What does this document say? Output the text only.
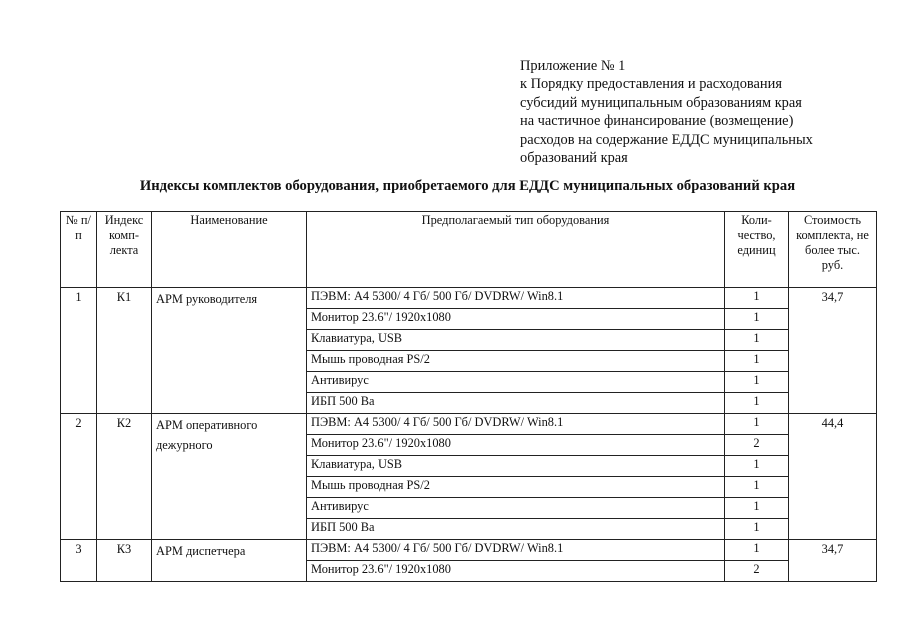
Приложение № 1
к Порядку предоставления и расходования
субсидий муниципальным образованиям края
на частичное финансирование (возмещение)
расходов на содержание ЕДДС муниципальных
образований края
Индексы комплектов оборудования, приобретаемого для ЕДДС муниципальных образований края
№ п/п	Индекс комп-лекта	Наименование	Предполагаемый тип оборудования	Коли-чество, единиц	Стоимость комплекта, не более тыс. руб.
1	К1	АРМ руководителя	ПЭВМ: A4 5300/ 4 Гб/ 500 Гб/ DVDRW/ Win8.1	1	34,7
			Монитор 23.6"/ 1920x1080	1	
			Клавиатура, USB	1	
			Мышь проводная PS/2	1	
			Антивирус	1	
			ИБП 500 Ва	1	
2	К2	АРМ оперативного дежурного	ПЭВМ: A4 5300/ 4 Гб/ 500 Гб/ DVDRW/ Win8.1	1	44,4
			Монитор 23.6"/ 1920x1080	2	
			Клавиатура, USB	1	
			Мышь проводная PS/2	1	
			Антивирус	1	
			ИБП 500 Ва	1	
3	К3	АРМ диспетчера	ПЭВМ: A4 5300/ 4 Гб/ 500 Гб/ DVDRW/ Win8.1	1	34,7
			Монитор 23.6"/ 1920x1080	2	
